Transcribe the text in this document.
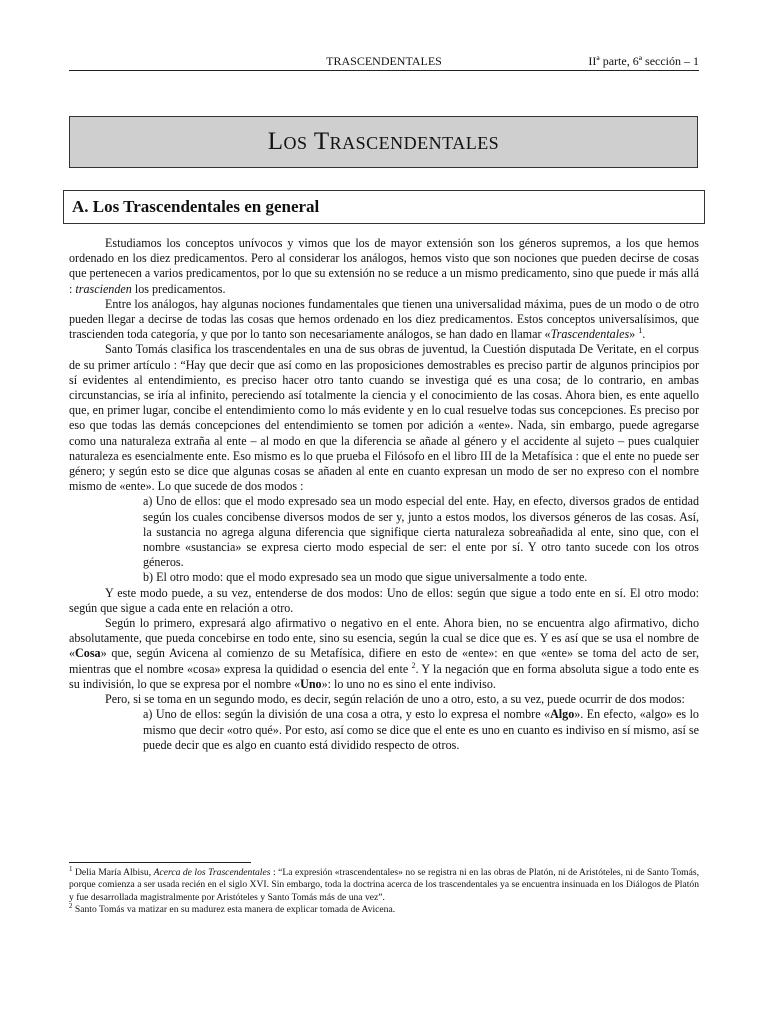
TRASCENDENTALES	IIª parte, 6ª sección – 1
Los Trascendentales
A. Los Trascendentales en general

Estudiamos los conceptos unívocos y vimos que los de mayor extensión son los géneros supremos, a los que hemos ordenado en los diez predicamentos. Pero al considerar los análogos, hemos visto que son nociones que pueden decirse de cosas que pertenecen a varios predicamentos, por lo que su extensión no se reduce a un mismo predicamento, sino que puede ir más allá : trascienden los predicamentos.

Entre los análogos, hay algunas nociones fundamentales que tienen una universalidad máxima, pues de un modo o de otro pueden llegar a decirse de todas las cosas que hemos ordenado en los diez predicamentos. Estos conceptos universalísimos, que trascienden toda categoría, y que por lo tanto son necesariamente análogos, se han dado en llamar «Trascendentales» $^1$.

Santo Tomás clasifica los trascendentales en una de sus obras de juventud, la Cuestión disputada De Veritate, en el corpus de su primer artículo : “Hay que decir que así como en las proposiciones demostrables es preciso partir de algunos principios por sí evidentes al entendimiento, es preciso hacer otro tanto cuando se investiga qué es una cosa; de lo contrario, en ambas circunstancias, se iría al infinito, pereciendo así totalmente la ciencia y el conocimiento de las cosas. Ahora bien, es ente aquello que, en primer lugar, concibe el entendimiento como lo más evidente y en lo cual resuelve todas sus concepciones. Es preciso por eso que todas las demás concepciones del entendimiento se tomen por adición a «ente». Nada, sin embargo, puede agregarse como una naturaleza extraña al ente – al modo en que la diferencia se añade al género y el accidente al sujeto – pues cualquier naturaleza es esencialmente ente. Eso mismo es lo que prueba el Filósofo en el libro III de la Metafísica : que el ente no puede ser género; y según esto se dice que algunas cosas se añaden al ente en cuanto expresan un modo de ser no expreso con el nombre mismo de «ente». Lo que sucede de dos modos :

a) Uno de ellos: que el modo expresado sea un modo especial del ente. Hay, en efecto, diversos grados de entidad según los cuales concibense diversos modos de ser y, junto a estos modos, los diversos géneros de las cosas. Así, la sustancia no agrega alguna diferencia que signifique cierta naturaleza sobreañadida al ente, sino que, con el nombre «sustancia» se expresa cierto modo especial de ser: el ente por sí. Y otro tanto sucede con los otros géneros.

b) El otro modo: que el modo expresado sea un modo que sigue universalmente a todo ente.

Y este modo puede, a su vez, entenderse de dos modos: Uno de ellos: según que sigue a todo ente en sí. El otro modo: según que sigue a cada ente en relación a otro.

Según lo primero, expresará algo afirmativo o negativo en el ente. Ahora bien, no se encuentra algo afirmativo, dicho absolutamente, que pueda concebirse en todo ente, sino su esencia, según la cual se dice que es. Y es así que se usa el nombre de «Cosa» que, según Avicena al comienzo de su Metafísica, difiere en esto de «ente»: en que «ente» se toma del acto de ser, mientras que el nombre «cosa» expresa la quididad o esencia del ente $^2$. Y la negación que en forma absoluta sigue a todo ente es su indivisión, lo que se expresa por el nombre «Uno»: lo uno no es sino el ente indiviso.

Pero, si se toma en un segundo modo, es decir, según relación de uno a otro, esto, a su vez, puede ocurrir de dos modos:

a) Uno de ellos: según la división de una cosa a otra, y esto lo expresa el nombre «Algo». En efecto, «algo» es lo mismo que decir «otro qué». Por esto, así como se dice que el ente es uno en cuanto es indiviso en sí mismo, así se puede decir que es algo en cuanto está dividido respecto de otros.

$^1$ Delia María Albisu, Acerca de los Trascendentales : “La expresión «trascendentales» no se registra ni en las obras de Platón, ni de Aristóteles, ni de Santo Tomás, porque comienza a ser usada recién en el siglo XVI. Sin embargo, toda la doctrina acerca de los trascendentales ya se encuentra insinuada en los Diálogos de Platón y fue desarrollada magistralmente por Aristóteles y Santo Tomás más de una vez”.

$^2$ Santo Tomás va matizar en su madurez esta manera de explicar tomada de Avicena.
